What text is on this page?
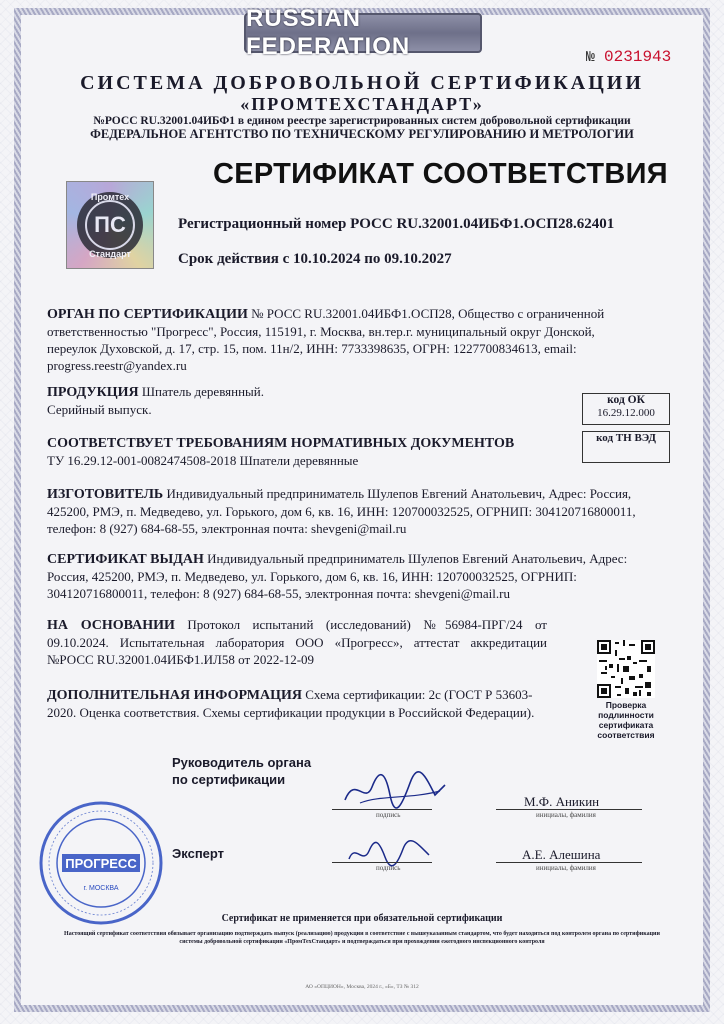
RUSSIAN FEDERATION	№ 0231943
СИСТЕМА ДОБРОВОЛЬНОЙ СЕРТИФИКАЦИИ
«ПРОМТЕХСТАНДАРТ»
№РОСС RU.32001.04ИБФ1 в едином реестре зарегистрированных систем добровольной сертификации
ФЕДЕРАЛЬНОЕ АГЕНТСТВО ПО ТЕХНИЧЕСКОМУ РЕГУЛИРОВАНИЮ И МЕТРОЛОГИИ
ПС
Промтех
Стандарт
СЕРТИФИКАТ СООТВЕТСТВИЯ
Регистрационный номер РОСС RU.32001.04ИБФ1.ОСП28.62401
Срок действия с 10.10.2024 по 09.10.2027
ОРГАН ПО СЕРТИФИКАЦИИ № РОСС RU.32001.04ИБФ1.ОСП28, Общество с ограниченной ответственностью "Прогресс", Россия, 115191, г. Москва, вн.тер.г. муниципальный округ Донской, переулок Духовской, д. 17, стр. 15, пом. 11н/2, ИНН: 7733398635, ОГРН: 1227700834613, email: progress.reestr@yandex.ru
ПРОДУКЦИЯ Шпатель деревянный.
Серийный выпуск.
код ОК
16.29.12.000
код ТН ВЭД
СООТВЕТСТВУЕТ ТРЕБОВАНИЯМ НОРМАТИВНЫХ ДОКУМЕНТОВ
ТУ 16.29.12-001-0082474508-2018 Шпатели деревянные
ИЗГОТОВИТЕЛЬ Индивидуальный предприниматель Шулепов Евгений Анатольевич, Адрес: Россия, 425200, РМЭ, п. Медведево, ул. Горького, дом 6, кв. 16, ИНН: 120700032525, ОГРНИП: 304120716800011, телефон: 8 (927) 684-68-55, электронная почта: shevgeni@mail.ru
СЕРТИФИКАТ ВЫДАН Индивидуальный предприниматель Шулепов Евгений Анатольевич, Адрес: Россия, 425200, РМЭ, п. Медведево, ул. Горького, дом 6, кв. 16, ИНН: 120700032525, ОГРНИП: 304120716800011, телефон: 8 (927) 684-68-55, электронная почта: shevgeni@mail.ru
НА ОСНОВАНИИ Протокол испытаний (исследований) №56984-ПРГ/24 от 09.10.2024. Испытательная лаборатория ООО «Прогресс», аттестат аккредитации №РОСС RU.32001.04ИБФ1.ИЛ58 от 2022-12-09
ДОПОЛНИТЕЛЬНАЯ ИНФОРМАЦИЯ Схема сертификации: 2с (ГОСТ Р 53603-2020. Оценка соответствия. Схемы сертификации продукции в Российской Федерации).	Проверка подлинности сертификата соответствия
Руководитель органа по сертификации
подпись
М.Ф. Аникин
инициалы, фамилия
Эксперт
подпись
А.Е. Алешина
инициалы, фамилия
ПРОГРЕСС
г. МОСКВА
Сертификат не применяется при обязательной сертификации
Настоящий сертификат соответствия обязывает организацию подтверждать выпуск (реализацию) продукции в соответствие с вышеуказанным стандартом, что будет находиться под контролем органа по сертификации системы добровольной сертификации «ПромТехСтандарт» и подтверждаться при прохождении ежегодного инспекционного контроля
АО «ОПЦИОН», Москва, 2024 г., «Б», ТЗ № 312
